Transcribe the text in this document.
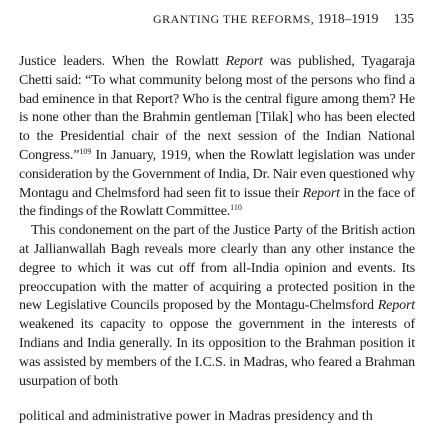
GRANTING THE REFORMS, 1918–1919 135

Justice leaders. When the Rowlatt Report was published, Tyagaraja Chetti said: “To what community belong most of the persons who find a bad eminence in that Report? Who is the central figure among them? He is none other than the Brahmin gentleman [Tilak] who has been elected to the Presidential chair of the next session of the Indian National Congress.”$^{109}$ In January, 1919, when the Rowlatt legislation was under consideration by the Government of India, Dr. Nair even questioned why Montagu and Chelmsford had seen fit to issue their Report in the face of the findings of the Rowlatt Committee.$^{110}$

This condonement on the part of the Justice Party of the British action at Jallianwallah Bagh reveals more clearly than any other instance the degree to which it was cut off from all-India opinion and events. Its preoccupation with the matter of acquiring a protected position in the new Legislative Councils proposed by the Montagu-Chelmsford Report weakened its capacity to oppose the government in the interests of Indians and India generally. In its opposition to the Brahman position it was assisted by members of the I.C.S. in Madras, who feared a Brahman usurpation of both

political and administrative power in Madras presidency and th
